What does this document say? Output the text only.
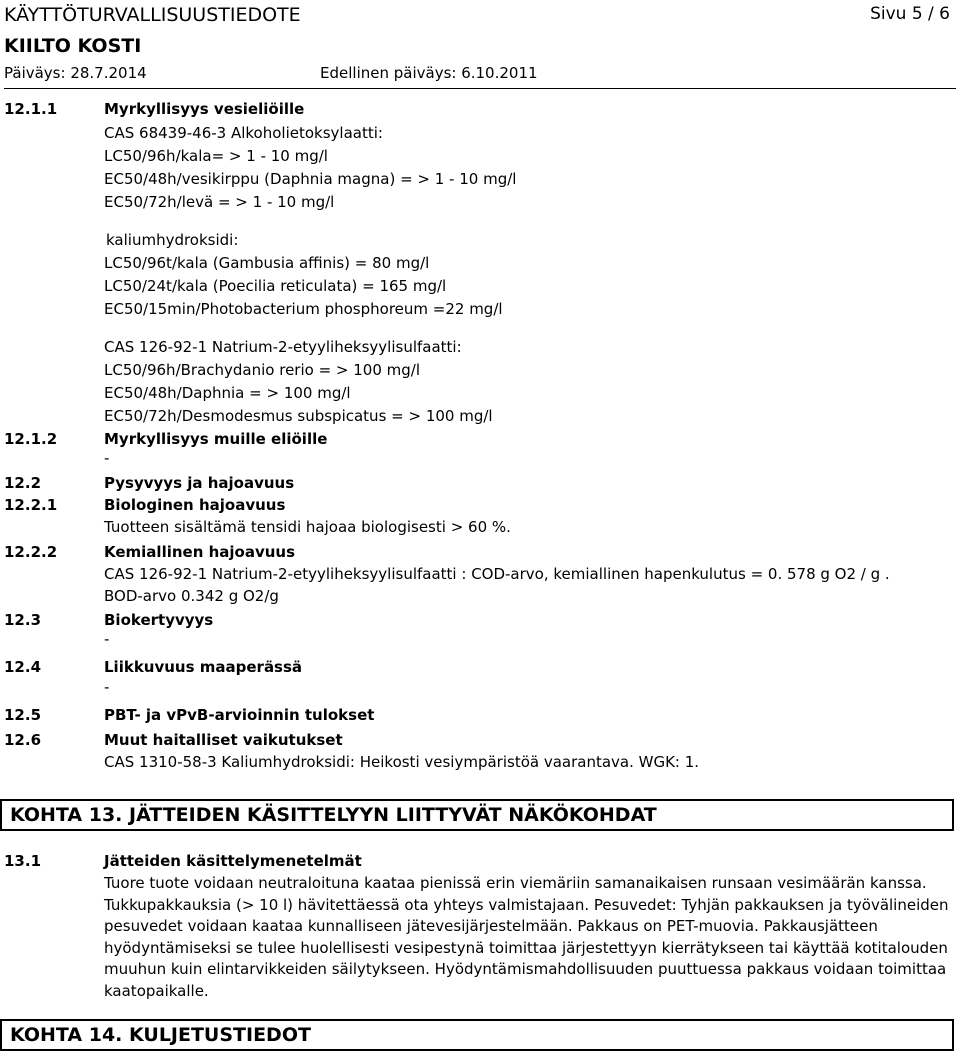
KÄYTTÖTURVALLISUUSTIEDOTE	Sivu 5 / 6
KIILTO KOSTI
Päiväys: 28.7.2014	Edellinen päiväys: 6.10.2011
12.1.1	Myrkyllisyys vesieliöille
CAS 68439-46-3 Alkoholietoksylaatti:
LC50/96h/kala= > 1 - 10 mg/l
EC50/48h/vesikirppu (Daphnia magna) = > 1 - 10 mg/l
EC50/72h/levä = > 1 - 10 mg/l
kaliumhydroksidi:
LC50/96t/kala (Gambusia affinis) = 80 mg/l
LC50/24t/kala (Poecilia reticulata) = 165 mg/l
EC50/15min/Photobacterium phosphoreum =22 mg/l
CAS 126-92-1 Natrium-2-etyyliheksyylisulfaatti:
LC50/96h/Brachydanio rerio = > 100 mg/l
EC50/48h/Daphnia = > 100 mg/l
EC50/72h/Desmodesmus subspicatus = > 100 mg/l
12.1.2	Myrkyllisyys muille eliöille
-
12.2	Pysyvyys ja hajoavuus
12.2.1	Biologinen hajoavuus
Tuotteen sisältämä tensidi hajoaa biologisesti > 60 %.
12.2.2	Kemiallinen hajoavuus
CAS 126-92-1 Natrium-2-etyyliheksyylisulfaatti : COD-arvo, kemiallinen hapenkulutus = 0. 578 g O2 / g .
BOD-arvo 0.342 g O2/g
12.3	Biokertyvyys
-
12.4	Liikkuvuus maaperässä
-
12.5	PBT- ja vPvB-arvioinnin tulokset
12.6	Muut haitalliset vaikutukset
CAS 1310-58-3 Kaliumhydroksidi: Heikosti vesiympäristöä vaarantava. WGK: 1.
KOHTA 13. JÄTTEIDEN KÄSITTELYYN LIITTYVÄT NÄKÖKOHDAT
13.1	Jätteiden käsittelymenetelmät
Tuore tuote voidaan neutraloituna kaataa pienissä erin viemäriin samanaikaisen runsaan vesimäärän kanssa. Tukkupakkauksia (> 10 l) hävitettäessä ota yhteys valmistajaan. Pesuvedet: Tyhjän pakkauksen ja työvälineiden pesuvedet voidaan kaataa kunnalliseen jätevesijärjestelmään. Pakkaus on PET-muovia. Pakkausjätteen hyödyntämiseksi se tulee huolellisesti vesipestynä toimittaa järjestettyyn kierrätykseen tai käyttää kotitalouden muuhun kuin elintarvikkeiden säilytykseen. Hyödyntämismahdollisuuden puuttuessa pakkaus voidaan toimittaa kaatopaikalle.
KOHTA 14. KULJETUSTIEDOT
